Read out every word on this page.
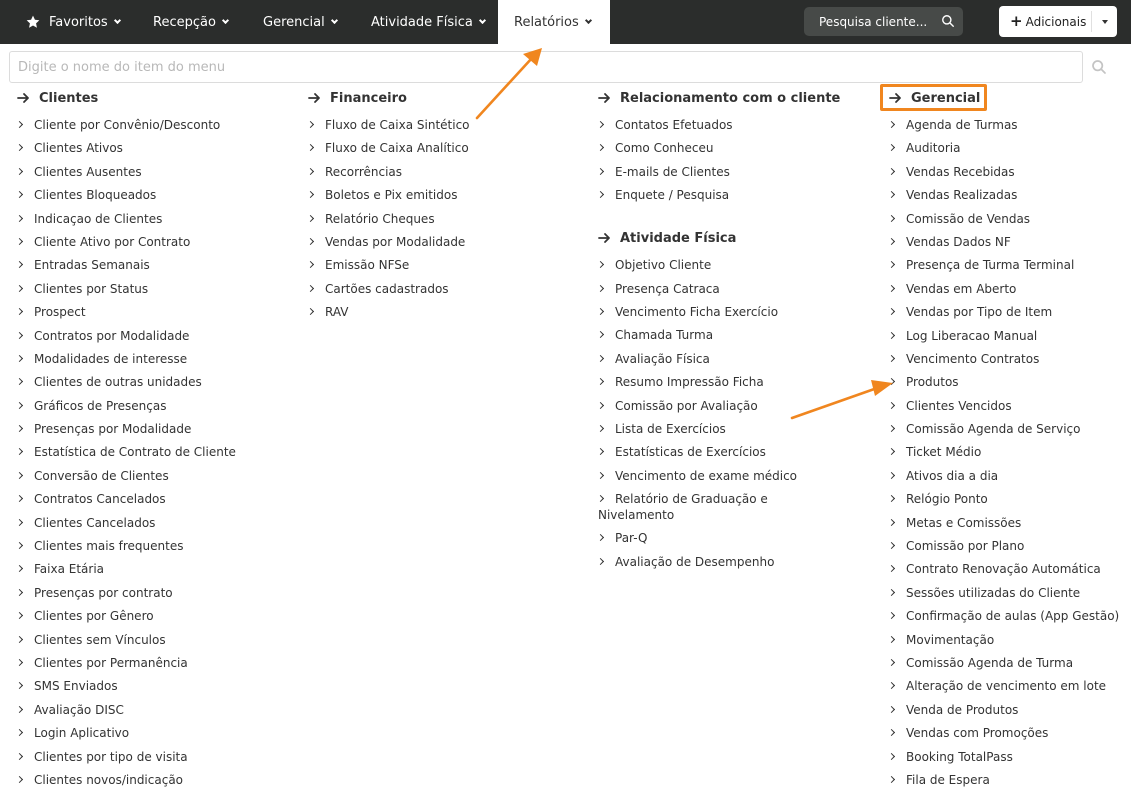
Favoritos	Recepção	Gerencial	Atividade Física	Relatórios	Pesquisa cliente...	+ Adicionais
Digite o nome do item do menu
Clientes
Cliente por Convênio/Desconto
Clientes Ativos
Clientes Ausentes
Clientes Bloqueados
Indicaçao de Clientes
Cliente Ativo por Contrato
Entradas Semanais
Clientes por Status
Prospect
Contratos por Modalidade
Modalidades de interesse
Clientes de outras unidades
Gráficos de Presenças
Presenças por Modalidade
Estatística de Contrato de Cliente
Conversão de Clientes
Contratos Cancelados
Clientes Cancelados
Clientes mais frequentes
Faixa Etária
Presenças por contrato
Clientes por Gênero
Clientes sem Vínculos
Clientes por Permanência
SMS Enviados
Avaliação DISC
Login Aplicativo
Clientes por tipo de visita
Clientes novos/indicação
Financeiro
Fluxo de Caixa Sintético
Fluxo de Caixa Analítico
Recorrências
Boletos e Pix emitidos
Relatório Cheques
Vendas por Modalidade
Emissão NFSe
Cartões cadastrados
RAV
Relacionamento com o cliente
Contatos Efetuados
Como Conheceu
E-mails de Clientes
Enquete / Pesquisa
Atividade Física
Objetivo Cliente
Presença Catraca
Vencimento Ficha Exercício
Chamada Turma
Avaliação Física
Resumo Impressão Ficha
Comissão por Avaliação
Lista de Exercícios
Estatísticas de Exercícios
Vencimento de exame médico
Relatório de Graduação e
Nivelamento
Par-Q
Avaliação de Desempenho
Gerencial
Agenda de Turmas
Auditoria
Vendas Recebidas
Vendas Realizadas
Comissão de Vendas
Vendas Dados NF
Presença de Turma Terminal
Vendas em Aberto
Vendas por Tipo de Item
Log Liberacao Manual
Vencimento Contratos
Produtos
Clientes Vencidos
Comissão Agenda de Serviço
Ticket Médio
Ativos dia a dia
Relógio Ponto
Metas e Comissões
Comissão por Plano
Contrato Renovação Automática
Sessões utilizadas do Cliente
Confirmação de aulas (App Gestão)
Movimentação
Comissão Agenda de Turma
Alteração de vencimento em lote
Venda de Produtos
Vendas com Promoções
Booking TotalPass
Fila de Espera
